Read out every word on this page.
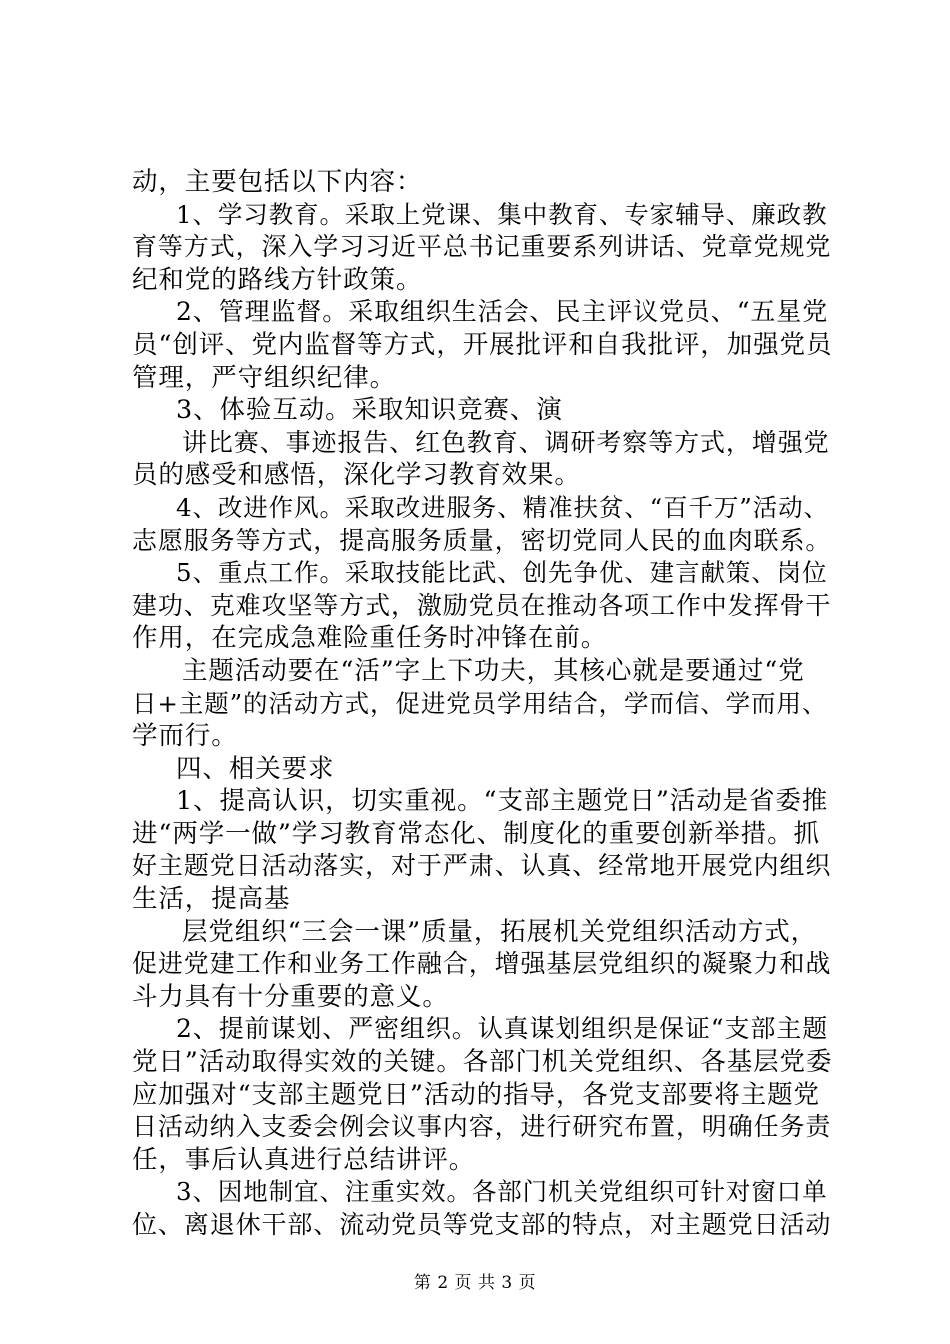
动，主要包括以下内容：
1、学习教育。采取上党课、集中教育、专家辅导、廉政教
育等方式，深入学习习近平总书记重要系列讲话、党章党规党
纪和党的路线方针政策。
2、管理监督。采取组织生活会、民主评议党员、“五星党
员“创评、党内监督等方式，开展批评和自我批评，加强党员
管理，严守组织纪律。
3、体验互动。采取知识竞赛、演
讲比赛、事迹报告、红色教育、调研考察等方式，增强党
员的感受和感悟，深化学习教育效果。
4、改进作风。采取改进服务、精准扶贫、“百千万”活动、
志愿服务等方式，提高服务质量，密切党同人民的血肉联系。
5、重点工作。采取技能比武、创先争优、建言献策、岗位
建功、克难攻坚等方式，激励党员在推动各项工作中发挥骨干
作用，在完成急难险重任务时冲锋在前。
主题活动要在“活”字上下功夫，其核心就是要通过“党
日+主题”的活动方式，促进党员学用结合，学而信、学而用、
学而行。
四、相关要求
1、提高认识，切实重视。“支部主题党日”活动是省委推
进“两学一做”学习教育常态化、制度化的重要创新举措。抓
好主题党日活动落实，对于严肃、认真、经常地开展党内组织
生活，提高基
层党组织“三会一课”质量，拓展机关党组织活动方式，
促进党建工作和业务工作融合，增强基层党组织的凝聚力和战
斗力具有十分重要的意义。
2、提前谋划、严密组织。认真谋划组织是保证“支部主题
党日”活动取得实效的关键。各部门机关党组织、各基层党委
应加强对“支部主题党日”活动的指导，各党支部要将主题党
日活动纳入支委会例会议事内容，进行研究布置，明确任务责
任，事后认真进行总结讲评。
3、因地制宜、注重实效。各部门机关党组织可针对窗口单
位、离退休干部、流动党员等党支部的特点，对主题党日活动
第 2 页 共 3 页
